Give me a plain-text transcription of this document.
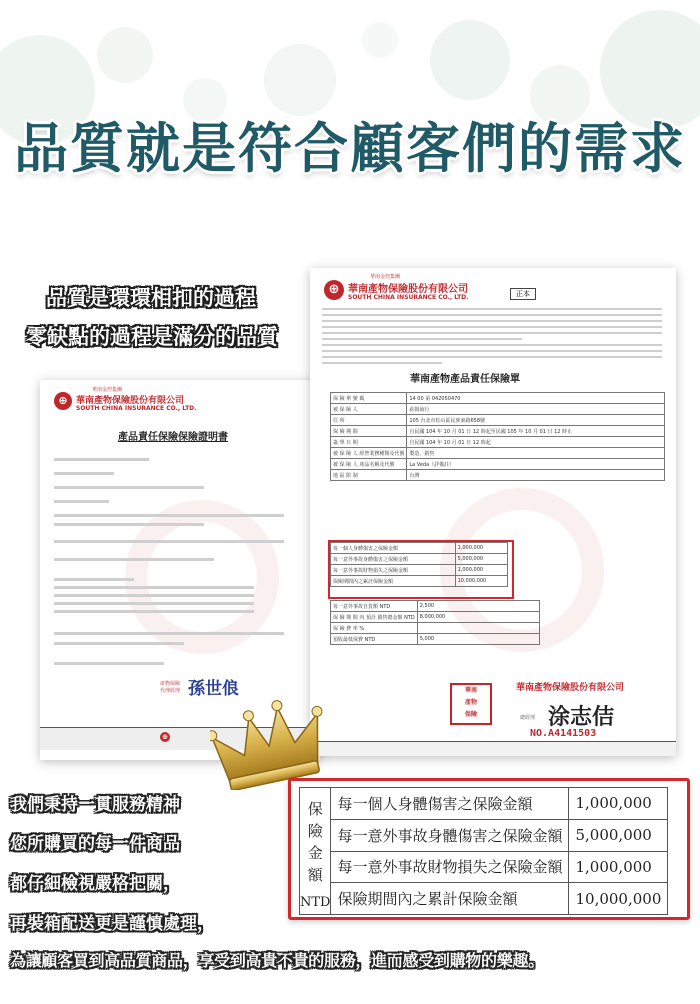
品質就是符合顧客們的需求
品質是環環相扣的過程
零缺點的過程是滿分的品質
⊕
華南金控集團
華南產物保險股份有限公司
SOUTH CHINA INSURANCE CO., LTD.
產品責任保險保險證明書
產物保險
代理經理 孫世俍
⊕
⊕
華南金控集團
華南產物保險股份有限公司
SOUTH CHINA INSURANCE CO., LTD.	正本
華南產物產品責任保險單
保 險 單 號 碼	14 00 第 042050470
被 保 險 人	菘揚商行
住 所	105 台北市松山區民族東路658號
保 險 期 間	自民國 104 年 10 月 01 日 12 時起至民國 105 年 10 月 01 日 12 時止
簽 單 日 期	自民國 104 年 10 月 01 日 12 時起
被 保 險 人 經營業務種類及代號	製造、銷售
被 保 險 人 產品名稱及代號	La Veda（詳備註）
地 區 限 制	台灣
每一個人身體傷害之保險金額	1,000,000
每一意外事故身體傷害之保險金額	5,000,000
每一意外事故財物損失之保險金額	1,000,000
保險期間內之累計保險金額	10,000,000
每一意外事故自負額 NTD	2,500
保 險 期 間 內 預計 銷售總金額 NTD	8,000,000
保 險 費 率 %	
預收最低保費 NTD	5,000
華南
產物
保險
華南產物保險股份有限公司
總經理 涂志佶
NO.A4141503
我們秉持一貫服務精神
您所購買的每一件商品
都仔細檢視嚴格把關，
再裝箱配送更是謹慎處理，
為讓顧客買到高品質商品，享受到高貴不貴的服務，進而感受到購物的樂趣。
保
險
金
額
NTD	每一個人身體傷害之保險金額	1,000,000
	每一意外事故身體傷害之保險金額	5,000,000
	每一意外事故財物損失之保險金額	1,000,000
	保險期間內之累計保險金額	10,000,000
